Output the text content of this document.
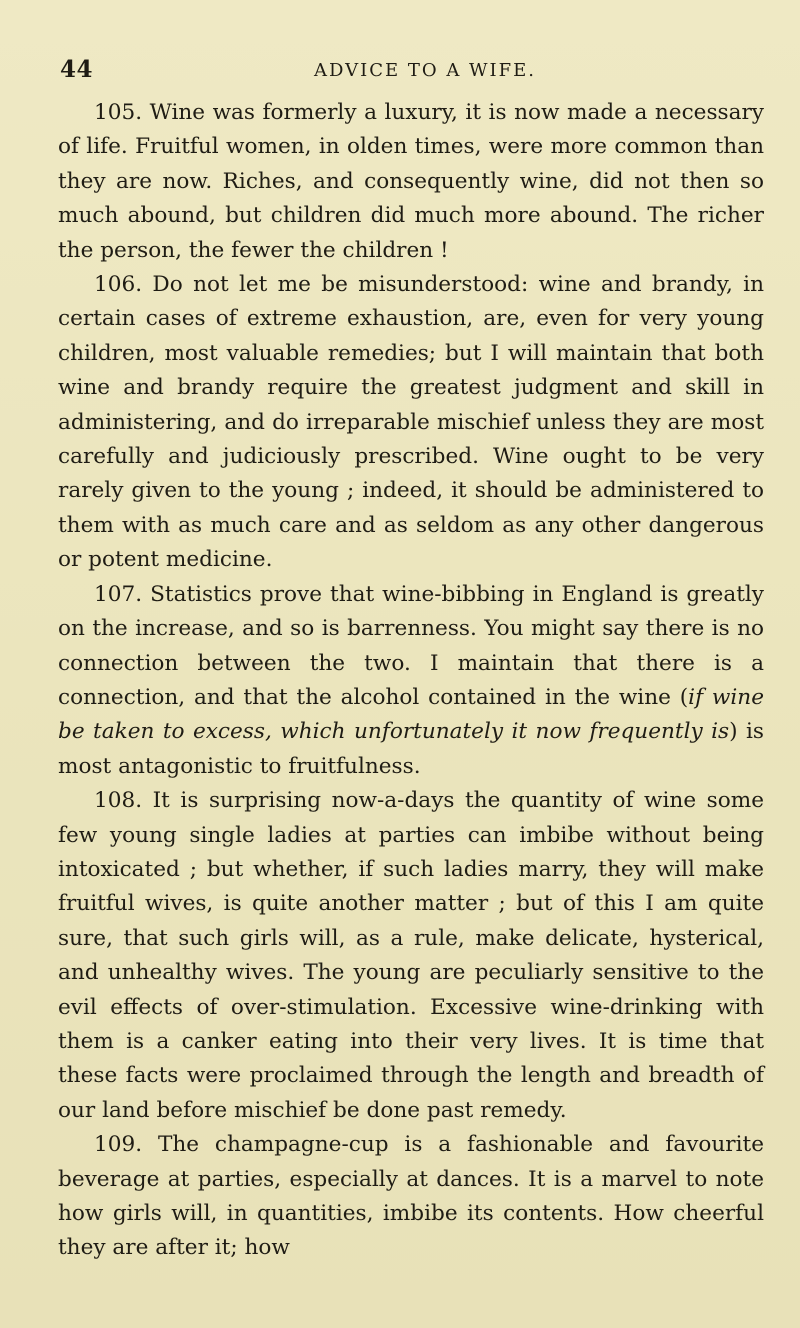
44	ADVICE TO A WIFE.

105. Wine was formerly a luxury, it is now made a necessary of life. Fruitful women, in olden times, were more common than they are now. Riches, and consequently wine, did not then so much abound, but children did much more abound. The richer the person, the fewer the children !

106. Do not let me be misunderstood: wine and brandy, in certain cases of extreme exhaustion, are, even for very young children, most valuable remedies; but I will maintain that both wine and brandy require the greatest judgment and skill in administering, and do irreparable mischief unless they are most carefully and judiciously prescribed. Wine ought to be very rarely given to the young ; indeed, it should be administered to them with as much care and as seldom as any other dangerous or potent medicine.

107. Statistics prove that wine-bibbing in England is greatly on the increase, and so is barrenness. You might say there is no connection between the two. I maintain that there is a connection, and that the alcohol contained in the wine (if wine be taken to excess, which unfortunately it now frequently is) is most antagonistic to fruitfulness.

108. It is surprising now-a-days the quantity of wine some few young single ladies at parties can imbibe without being intoxicated ; but whether, if such ladies marry, they will make fruitful wives, is quite another matter ; but of this I am quite sure, that such girls will, as a rule, make delicate, hysterical, and unhealthy wives. The young are peculiarly sensitive to the evil effects of over-stimulation. Excessive wine-drinking with them is a canker eating into their very lives. It is time that these facts were proclaimed through the length and breadth of our land before mischief be done past remedy.

109. The champagne-cup is a fashionable and favourite beverage at parties, especially at dances. It is a marvel to note how girls will, in quantities, imbibe its contents. How cheerful they are after it; how
